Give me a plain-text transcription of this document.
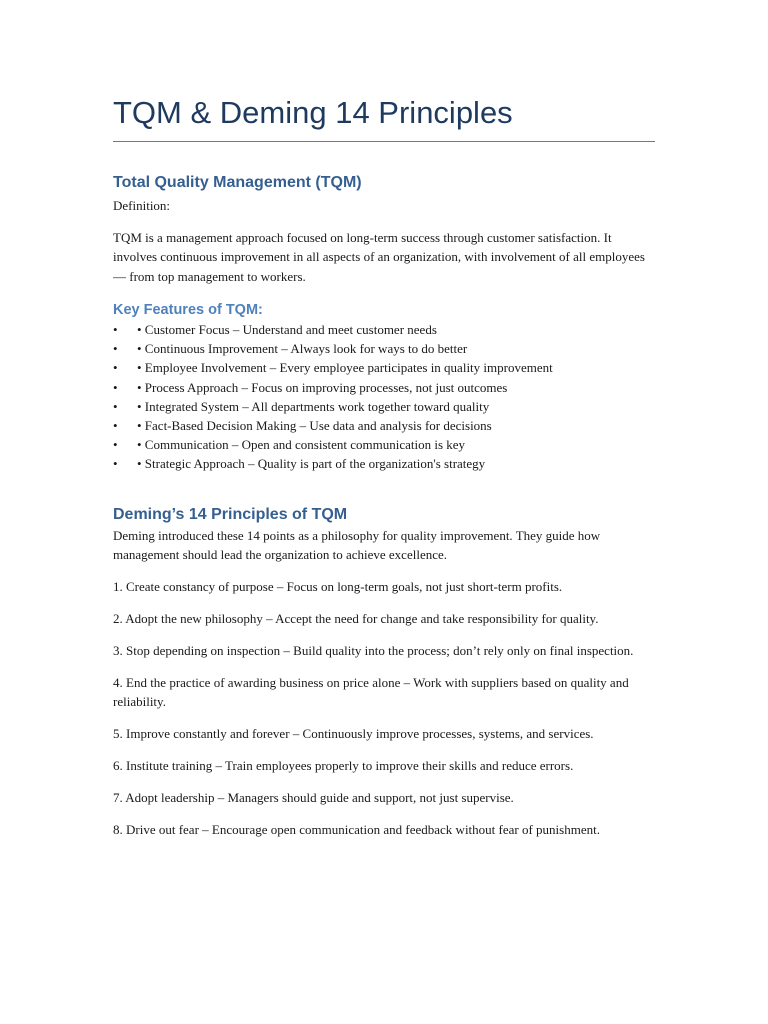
TQM & Deming 14 Principles
Total Quality Management (TQM)

Definition:

TQM is a management approach focused on long-term success through customer satisfaction. It involves continuous improvement in all aspects of an organization, with involvement of all employees — from top management to workers.

Key Features of TQM:
• • Customer Focus – Understand and meet customer needs
• • Continuous Improvement – Always look for ways to do better
• • Employee Involvement – Every employee participates in quality improvement
• • Process Approach – Focus on improving processes, not just outcomes
• • Integrated System – All departments work together toward quality
• • Fact-Based Decision Making – Use data and analysis for decisions
• • Communication – Open and consistent communication is key
• • Strategic Approach – Quality is part of the organization's strategy
Deming’s 14 Principles of TQM

Deming introduced these 14 points as a philosophy for quality improvement. They guide how management should lead the organization to achieve excellence.

1. Create constancy of purpose – Focus on long-term goals, not just short-term profits.

2. Adopt the new philosophy – Accept the need for change and take responsibility for quality.

3. Stop depending on inspection – Build quality into the process; don’t rely only on final inspection.

4. End the practice of awarding business on price alone – Work with suppliers based on quality and reliability.

5. Improve constantly and forever – Continuously improve processes, systems, and services.

6. Institute training – Train employees properly to improve their skills and reduce errors.

7. Adopt leadership – Managers should guide and support, not just supervise.

8. Drive out fear – Encourage open communication and feedback without fear of punishment.
